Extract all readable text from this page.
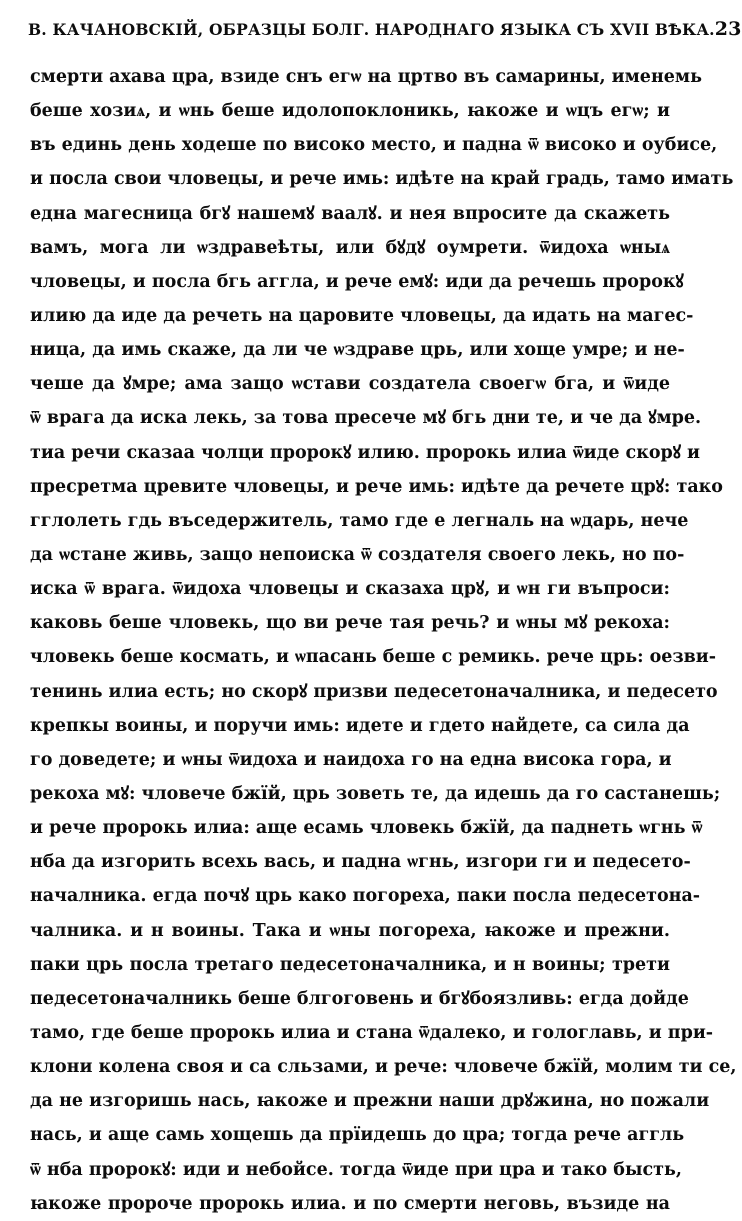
В. КАЧАНОВСКІЙ, ОБРАЗЦЫ БОЛГ. НАРОДНАГО ЯЗЫКА СЪ XVII ВѢКА. 23
смерти ахава цра, взиде снъ егѡ на цртво въ самарины, именемь
беше хозиѧ, и ѡнь беше идолопоклоникь, ꙗкоже и ѡцъ егѡ; и
въ единь день ходеше по високо место, и падна ѿ високо и оубисе,
и посла свои чловецы, и рече имь: идѣте на край градь, тамо имать
една магесница бгꙋ нашемꙋ ваалꙋ. и нея впросите да скажеть
вамъ, мога ли ѡздравеѣты, или бꙋдꙋ оумрети. ѿидоха ѡныѧ
чловецы, и посла бгь аггла, и рече емꙋ: иди да речешь пророкꙋ
илию да иде да речеть на царовите чловецы, да идать на магес-
ница, да имь скаже, да ли че ѡздраве црь, или хоще умре; и не-
чеше да ꙋмре; ама защо ѡстави создатела своегѡ бга, и ѿиде
ѿ врага да иска лекь, за това пресече мꙋ бгь дни те, и че да ꙋмре.
тиа речи сказаа чолци пророкꙋ илию. пророкь илиа ѿиде скорꙋ и
пресретма цревите чловецы, и рече имь: идѣте да речете црꙋ: тако
гглолеть гдь въседержитель, тамо где е легналь на ѡдарь, нече
да ѡстане живь, защо непоиска ѿ создателя своего лекь, но по-
иска ѿ врага. ѿидоха чловецы и сказаха црꙋ, и ѡн ги въпроси:
каковь беше чловекь, що ви рече тая речь? и ѡны мꙋ рекоха:
чловекь беше космать, и ѡпасань беше с ремикь. рече црь: оезви-
тенинь илиа есть; но скорꙋ призви педесетоначалника, и педесето
крепкы воины, и поручи имь: идете и гдето найдете, са сила да
го доведете; и ѡны ѿидоха и наидоха го на една висока гора, и
рекоха мꙋ: чловече бжїй, црь зоветь те, да идешь да го састанешь;
и рече пророкь илиа: аще есамь чловекь бжїй, да паднеть ѡгнь ѿ
нба да изгорить всехь вась, и падна ѡгнь, изгори ги и педесето-
началника. егда почꙋ црь како погореха, паки посла педесетона-
чалника. и н воины. Така и ѡны погореха, ꙗкоже и прежни.
паки црь посла третаго педесетоначалника, и н воины; трети
педесетоначалникь беше блгоговень и бгꙋбоязливь: егда дойде
тамо, где беше пророкь илиа и стана ѿдалеко, и гологлавь, и при-
клони колена своя и са сльзами, и рече: чловече бжїй, молим ти се,
да не изгоришь нась, ꙗкоже и прежни наши дрꙋжина, но пожали
нась, и аще самь хощешь да прїидешь до цра; тогда рече аггль
ѿ нба пророкꙋ: иди и небойсе. тогда ѿиде при цра и тако бысть,
ꙗкоже пророче пророкь илиа. и по смерти неговь, възиде на
